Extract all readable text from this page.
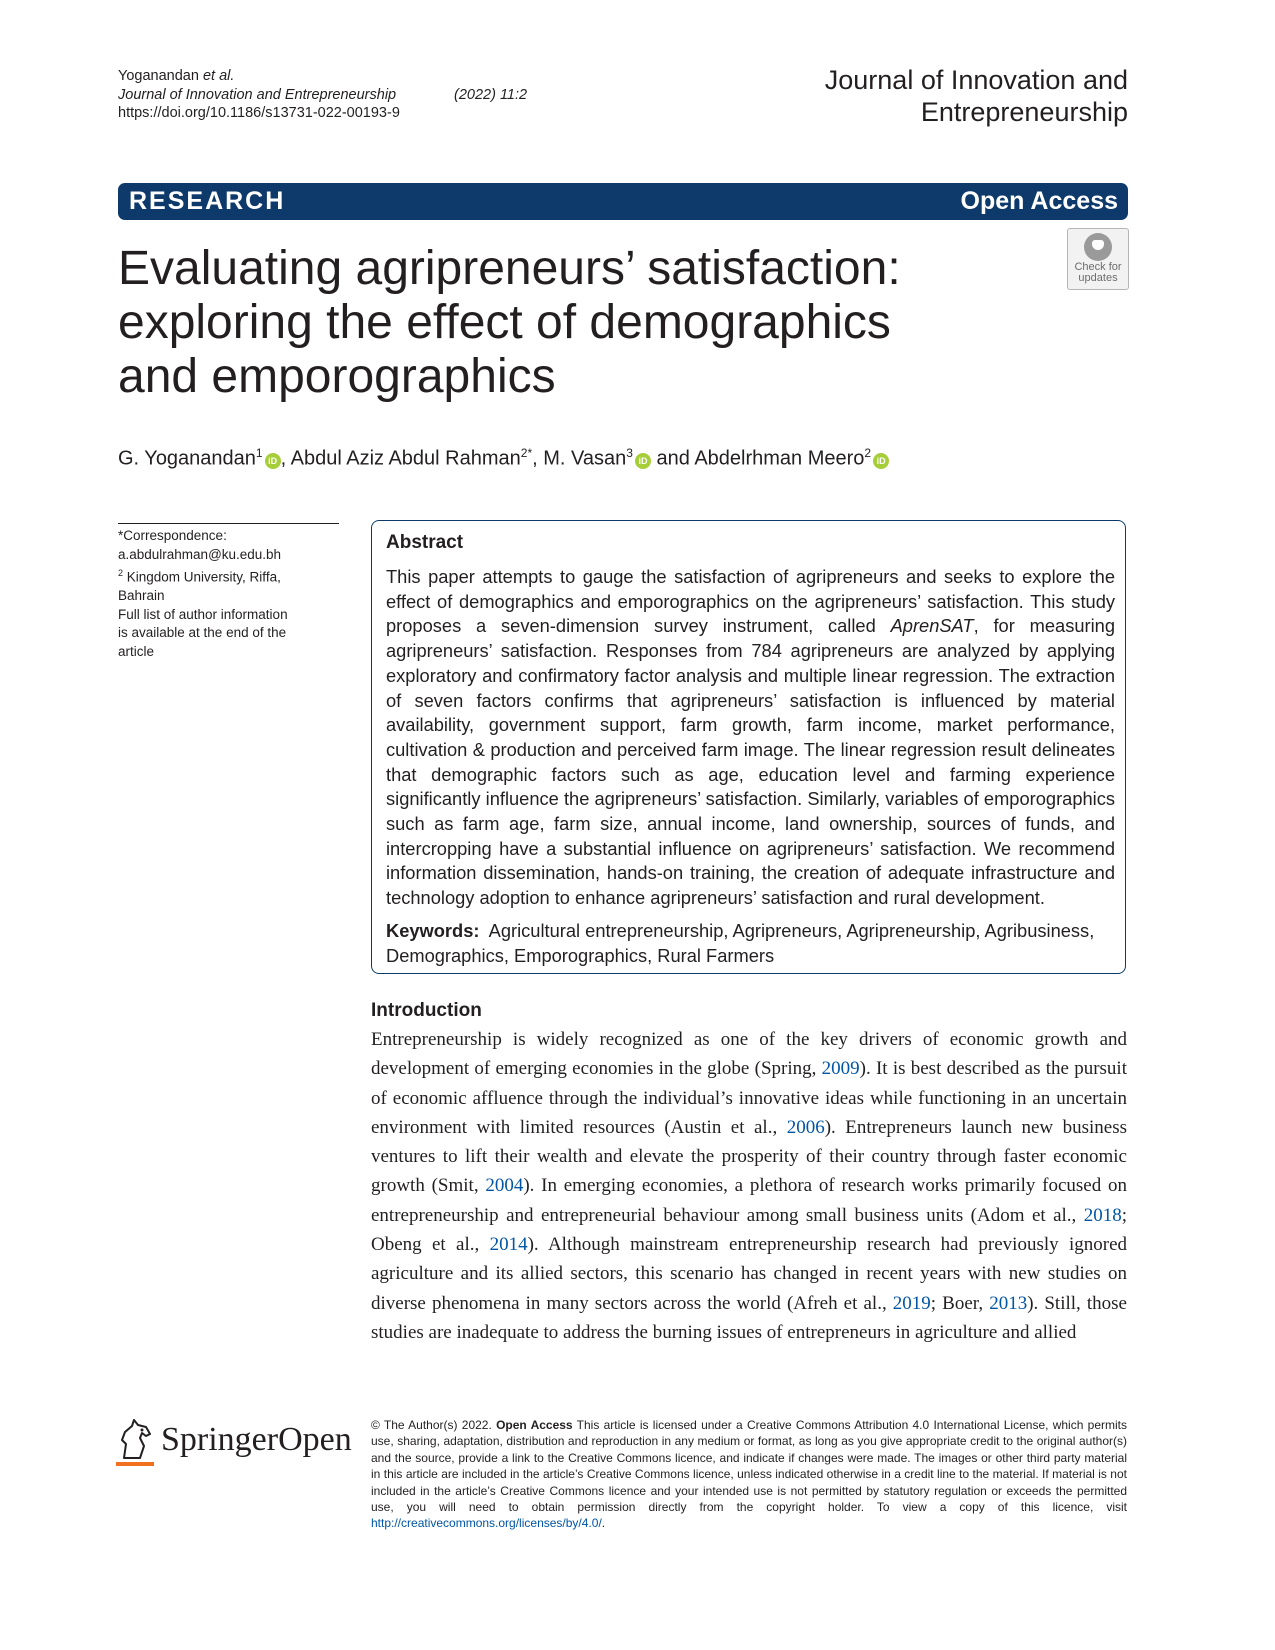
Yoganandan et al.
Journal of Innovation and Entrepreneurship	(2022) 11:2
https://doi.org/10.1186/s13731-022-00193-9
Journal of Innovation and
Entrepreneurship
RESEARCH	Open Access
Evaluating agripreneurs’ satisfaction:
exploring the effect of demographics
and emporographics
Check for
updates
G. Yoganandan$^1$iD , Abdul Aziz Abdul Rahman$^{2*}$, M. Vasan$^3$iD and Abdelrhman Meero$^2$iD
*Correspondence:
a.abdulrahman@ku.edu.bh
$^2$ Kingdom University, Riffa,
Bahrain
Full list of author information
is available at the end of the
article
Abstract
This paper attempts to gauge the satisfaction of agripreneurs and seeks to explore the effect of demographics and emporographics on the agripreneurs’ satisfaction. This study proposes a seven-dimension survey instrument, called AprenSAT, for measuring agripreneurs’ satisfaction. Responses from 784 agripreneurs are analyzed by applying exploratory and confirmatory factor analysis and multiple linear regression. The extraction of seven factors confirms that agripreneurs’ satisfaction is influenced by material availability, government support, farm growth, farm income, market performance, cultivation & production and perceived farm image. The linear regression result delineates that demographic factors such as age, education level and farming experience significantly influence the agripreneurs’ satisfaction. Similarly, variables of emporographics such as farm age, farm size, annual income, land ownership, sources of funds, and intercropping have a substantial influence on agripreneurs’ satisfaction. We recommend information dissemination, hands-on training, the creation of adequate infrastructure and technology adoption to enhance agripreneurs’ satisfaction and rural development.
Keywords: Agricultural entrepreneurship, Agripreneurs, Agripreneurship, Agribusiness, Demographics, Emporographics, Rural Farmers
Introduction
Entrepreneurship is widely recognized as one of the key drivers of economic growth and development of emerging economies in the globe (Spring, 2009). It is best described as the pursuit of economic affluence through the individual’s innovative ideas while functioning in an uncertain environment with limited resources (Austin et al., 2006). Entrepreneurs launch new business ventures to lift their wealth and elevate the prosperity of their country through faster economic growth (Smit, 2004). In emerging economies, a plethora of research works primarily focused on entrepreneurship and entrepreneurial behaviour among small business units (Adom et al., 2018; Obeng et al., 2014). Although mainstream entrepreneurship research had previously ignored agriculture and its allied sectors, this scenario has changed in recent years with new studies on diverse phenomena in many sectors across the world (Afreh et al., 2019; Boer, 2013). Still, those studies are inadequate to address the burning issues of entrepreneurs in agriculture and allied
SpringerOpen © The Author(s) 2022. Open Access This article is licensed under a Creative Commons Attribution 4.0 International License, which permits use, sharing, adaptation, distribution and reproduction in any medium or format, as long as you give appropriate credit to the original author(s) and the source, provide a link to the Creative Commons licence, and indicate if changes were made. The images or other third party material in this article are included in the article’s Creative Commons licence, unless indicated otherwise in a credit line to the material. If material is not included in the article’s Creative Commons licence and your intended use is not permitted by statutory regulation or exceeds the permitted use, you will need to obtain permission directly from the copyright holder. To view a copy of this licence, visit http://creativecommons.org/licenses/by/4.0/.
